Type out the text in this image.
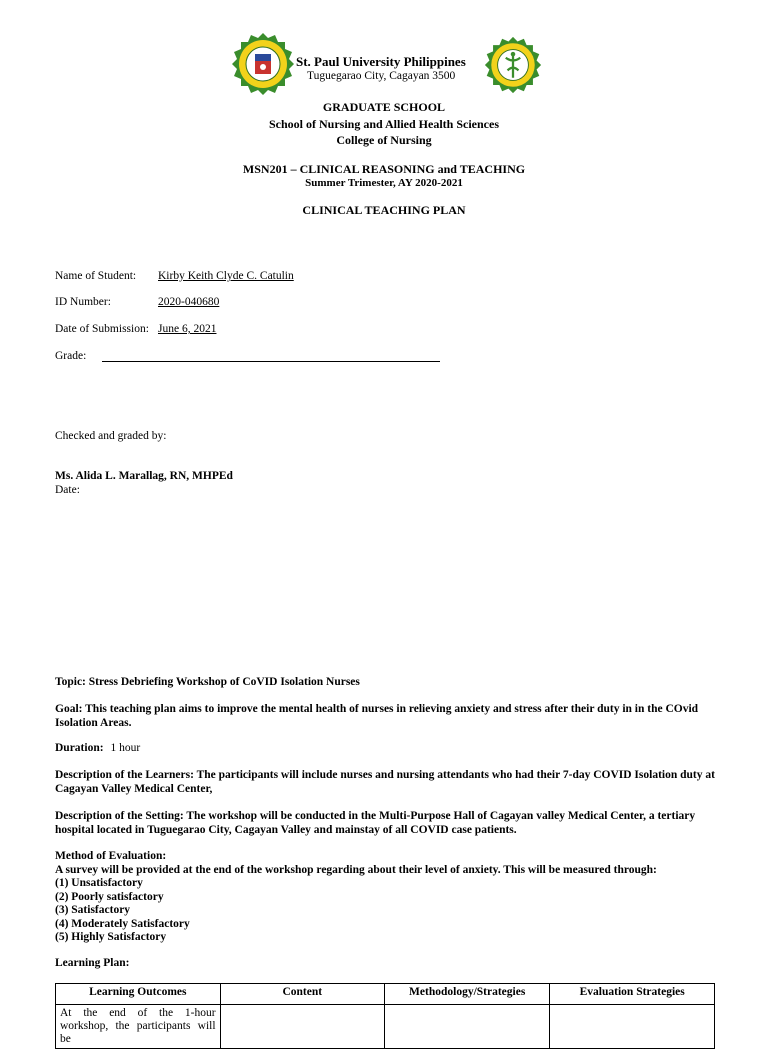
St. Paul University Philippines
Tuguegarao City, Cagayan 3500
GRADUATE SCHOOL
School of Nursing and Allied Health Sciences
College of Nursing
MSN201 – CLINICAL REASONING and TEACHING
Summer Trimester, AY 2020-2021
CLINICAL TEACHING PLAN
Name of Student: Kirby Keith Clyde C. Catulin
ID Number:	2020-040680
Date of Submission: June 6, 2021
Grade:
Checked and graded by:
Ms. Alida L. Marallag, RN, MHPEd
Date:
Topic: Stress Debriefing Workshop of CoVID Isolation Nurses
Goal: This teaching plan aims to improve the mental health of nurses in relieving anxiety and stress after their duty in in the COvid Isolation Areas.
Duration: 1 hour
Description of the Learners: The participants will include nurses and nursing attendants who had their 7-day COVID Isolation duty at Cagayan Valley Medical Center,
Description of the Setting: The workshop will be conducted in the Multi-Purpose Hall of Cagayan valley Medical Center, a tertiary hospital located in Tuguegarao City, Cagayan Valley and mainstay of all COVID case patients.
Method of Evaluation:
A survey will be provided at the end of the workshop regarding about their level of anxiety. This will be measured through:
(1) Unsatisfactory
(2) Poorly satisfactory
(3) Satisfactory
(4) Moderately Satisfactory
(5) Highly Satisfactory
Learning Plan:
Learning Outcomes	Content	Methodology/Strategies	Evaluation Strategies
At the end of the 1-hour workshop, the participants will be			
